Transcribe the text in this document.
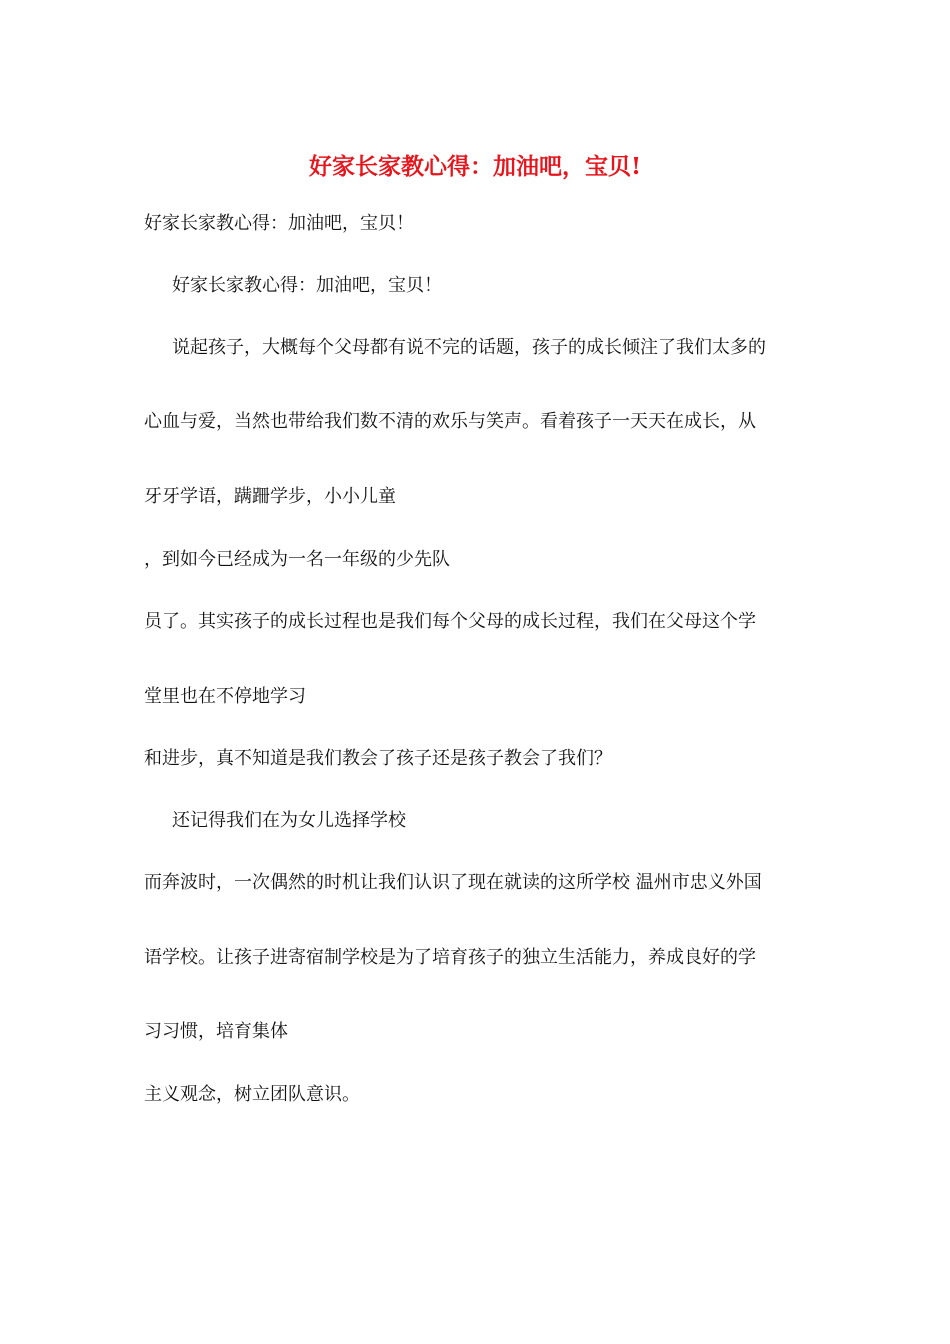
好家长家教心得：加油吧，宝贝!

好家长家教心得：加油吧，宝贝！

好家长家教心得：加油吧，宝贝！

说起孩子，大概每个父母都有说不完的话题，孩子的成长倾注了我们太多的

心血与爱，当然也带给我们数不清的欢乐与笑声。看着孩子一天天在成长，从

牙牙学语，蹒跚学步，小小儿童

，到如今已经成为一名一年级的少先队

员了。其实孩子的成长过程也是我们每个父母的成长过程，我们在父母这个学

堂里也在不停地学习

和进步，真不知道是我们教会了孩子还是孩子教会了我们？

还记得我们在为女儿选择学校

而奔波时，一次偶然的时机让我们认识了现在就读的这所学校 温州市忠义外国

语学校。让孩子进寄宿制学校是为了培育孩子的独立生活能力，养成良好的学

习习惯，培育集体

主义观念，树立团队意识。
